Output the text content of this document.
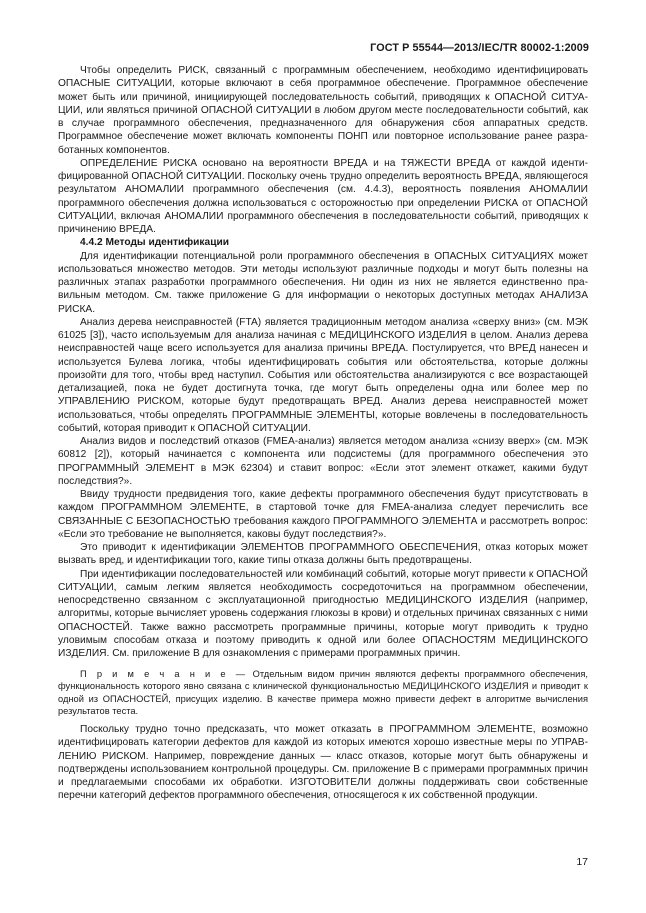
ГОСТ Р 55544—2013/IEC/TR 80002-1:2009

Чтобы определить РИСК, связанный с программным обеспечением, необходимо идентифицировать ОПАСНЫЕ СИТУАЦИИ, которые включают в себя программное обеспечение. Программное обеспечение может быть или причиной, инициирующей последовательность событий, приводящих к ОПАСНОЙ СИТУАЦИИ, или являться причиной ОПАСНОЙ СИТУАЦИИ в любом другом месте последовательности событий, как в случае программного обеспечения, предназначенного для обнаружения сбоя аппаратных средств. Программное обеспечение может включать компоненты ПОНП или повторное использование ранее разработанных компонентов.

ОПРЕДЕЛЕНИЕ РИСКА основано на вероятности ВРЕДА и на ТЯЖЕСТИ ВРЕДА от каждой идентифицированной ОПАСНОЙ СИТУАЦИИ. Поскольку очень трудно определить вероятность ВРЕДА, являющегося результатом АНОМАЛИИ программного обеспечения (см. 4.4.3), вероятность появления АНОМАЛИИ программного обеспечения должна использоваться с осторожностью при определении РИСКА от ОПАСНОЙ СИТУАЦИИ, включая АНОМАЛИИ программного обеспечения в последовательности событий, приводящих к причинению ВРЕДА.

4.4.2 Методы идентификации

Для идентификации потенциальной роли программного обеспечения в ОПАСНЫХ СИТУАЦИЯХ может использоваться множество методов. Эти методы используют различные подходы и могут быть полезны на различных этапах разработки программного обеспечения. Ни один из них не является единственно правильным методом. См. также приложение G для информации о некоторых доступных методах АНАЛИЗА РИСКА.

Анализ дерева неисправностей (FTA) является традиционным методом анализа «сверху вниз» (см. МЭК 61025 [3]), часто используемым для анализа начиная с МЕДИЦИНСКОГО ИЗДЕЛИЯ в целом. Анализ дерева неисправностей чаще всего используется для анализа причины ВРЕДА. Постулируется, что ВРЕД нанесен и используется Булева логика, чтобы идентифицировать события или обстоятельства, которые должны произойти для того, чтобы вред наступил. События или обстоятельства анализируются с все возрастающей детализацией, пока не будет достигнута точка, где могут быть определены одна или более мер по УПРАВЛЕНИЮ РИСКОМ, которые будут предотвращать ВРЕД. Анализ дерева неисправностей может использоваться, чтобы определять ПРОГРАММНЫЕ ЭЛЕМЕНТЫ, которые вовлечены в последовательность событий, которая приводит к ОПАСНОЙ СИТУАЦИИ.

Анализ видов и последствий отказов (FMEA-анализ) является методом анализа «снизу вверх» (см. МЭК 60812 [2]), который начинается с компонента или подсистемы (для программного обеспечения это ПРОГРАММНЫЙ ЭЛЕМЕНТ в МЭК 62304) и ставит вопрос: «Если этот элемент откажет, какими будут последствия?».

Ввиду трудности предвидения того, какие дефекты программного обеспечения будут присутствовать в каждом ПРОГРАММНОМ ЭЛЕМЕНТЕ, в стартовой точке для FMEA-анализа следует перечислить все СВЯЗАННЫЕ С БЕЗОПАСНОСТЬЮ требования каждого ПРОГРАММНОГО ЭЛЕМЕНТА и рассмотреть вопрос: «Если это требование не выполняется, каковы будут последствия?».

Это приводит к идентификации ЭЛЕМЕНТОВ ПРОГРАММНОГО ОБЕСПЕЧЕНИЯ, отказ которых может вызвать вред, и идентификации того, какие типы отказа должны быть предотвращены.

При идентификации последовательностей или комбинаций событий, которые могут привести к ОПАСНОЙ СИТУАЦИИ, самым легким является необходимость сосредоточиться на программном обеспечении, непосредственно связанном с эксплуатационной пригодностью МЕДИЦИНСКОГО ИЗДЕЛИЯ (например, алгоритмы, которые вычисляет уровень содержания глюкозы в крови) и отдельных причинах связанных с ними ОПАСНОСТЕЙ. Также важно рассмотреть программные причины, которые могут приводить к трудно уловимым способам отказа и поэтому приводить к одной или более ОПАСНОСТЯМ МЕДИЦИНСКОГО ИЗДЕЛИЯ. См. приложение В для ознакомления с примерами программных причин.

П р и м е ч а н и е — Отдельным видом причин являются дефекты программного обеспечения, функциональность которого явно связана с клинической функциональностью МЕДИЦИНСКОГО ИЗДЕЛИЯ и приводит к одной из ОПАСНОСТЕЙ, присущих изделию. В качестве примера можно привести дефект в алгоритме вычисления результатов теста.

Поскольку трудно точно предсказать, что может отказать в ПРОГРАММНОМ ЭЛЕМЕНТЕ, возможно идентифицировать категории дефектов для каждой из которых имеются хорошо известные меры по УПРАВЛЕНИЮ РИСКОМ. Например, повреждение данных — класс отказов, которые могут быть обнаружены и подтверждены использованием контрольной процедуры. См. приложение В с примерами программных причин и предлагаемыми способами их обработки. ИЗГОТОВИТЕЛИ должны поддерживать свои собственные перечни категорий дефектов программного обеспечения, относящегося к их собственной продукции.

17
